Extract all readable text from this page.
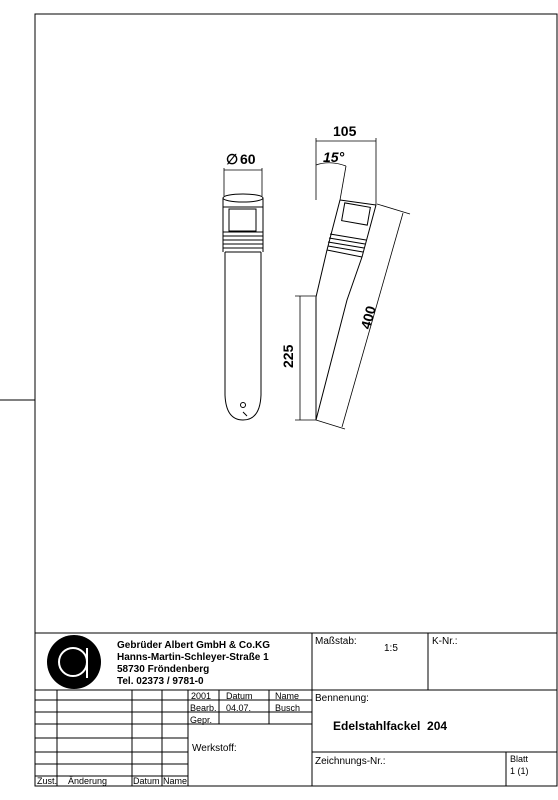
∅ 60
105
15°
400
225
Gebrüder Albert GmbH & Co.KG
Hanns-Martin-Schleyer-Straße 1
58730 Fröndenberg
Tel. 02373 / 9781-0
Maßstab:
1:5
K-Nr.:
Bennenung:
Edelstahlfackel  204
Zeichnungs-Nr.:	Blatt
1 (1)
Werkstoff:
2001 Datum Name
Bearb. 04.07.	Busch
Gepr.
Zust. Änderung	Datum Name
